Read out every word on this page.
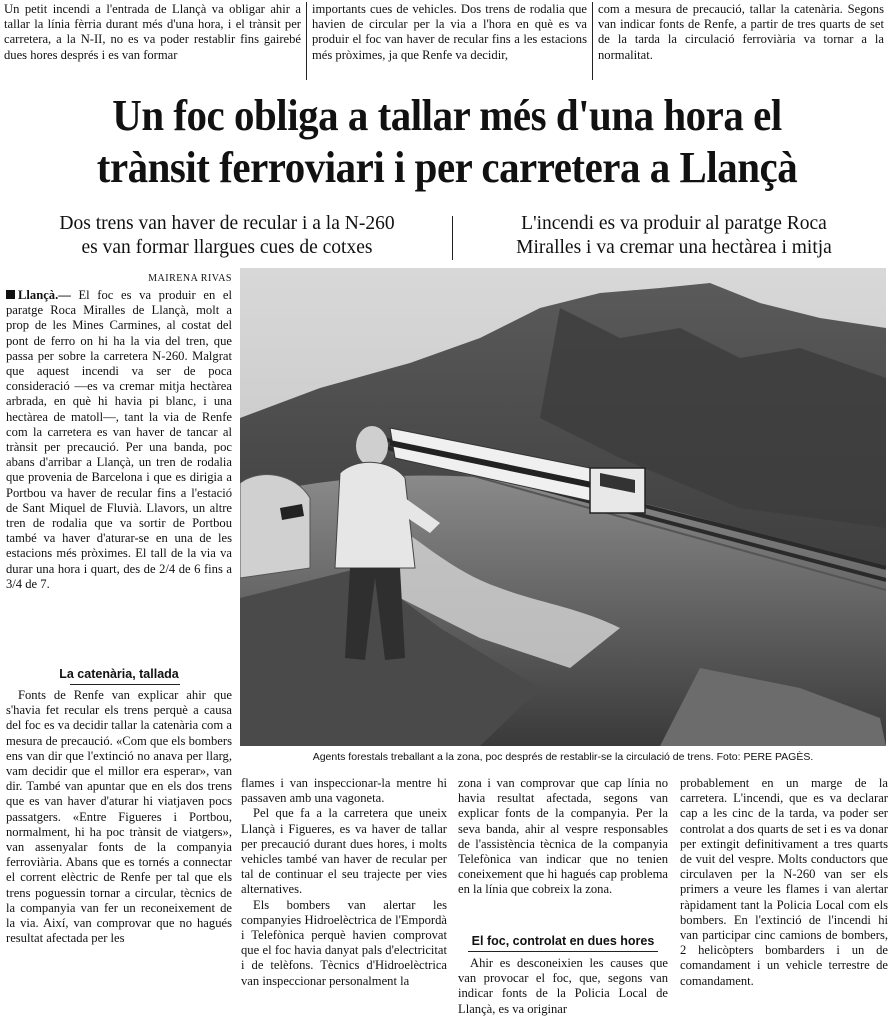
Un petit incendi a l'entrada de Llançà va obligar ahir a tallar la línia fèrria durant més d'una hora, i el trànsit per carretera, a la N-II, no es va poder restablir fins gairebé dues hores després i es van formar

importants cues de vehicles. Dos trens de rodalia que havien de circular per la via a l'hora en què es va produir el foc van haver de recular fins a les estacions més pròximes, ja que Renfe va decidir,

com a mesura de precaució, tallar la catenària. Segons van indicar fonts de Renfe, a partir de tres quarts de set de la tarda la circulació ferroviària va tornar a la normalitat.

Un foc obliga a tallar més d'una hora el
trànsit ferroviari i per carretera a Llançà
Dos trens van haver de recular i a la N-260
es van formar llargues cues de cotxes
L'incendi es va produir al paratge Roca
Miralles i va cremar una hectàrea i mitja
MAIRENA RIVAS

Llançà.— El foc es va produir en el paratge Roca Miralles de Llançà, molt a prop de les Mines Carmines, al costat del pont de ferro on hi ha la via del tren, que passa per sobre la carretera N-260. Malgrat que aquest incendi va ser de poca consideració —es va cremar mitja hectàrea arbrada, en què hi havia pi blanc, i una hectàrea de matoll—, tant la via de Renfe com la carretera es van haver de tancar al trànsit per precaució. Per una banda, poc abans d'arribar a Llançà, un tren de rodalia que provenia de Barcelona i que es dirigia a Portbou va haver de recular fins a l'estació de Sant Miquel de Fluvià. Llavors, un altre tren de rodalia que va sortir de Portbou també va haver d'aturar-se en una de les estacions més pròximes. El tall de la via va durar una hora i quart, des de 2/4 de 6 fins a 3/4 de 7.

La catenària, tallada

Fonts de Renfe van explicar ahir que s'havia fet recular els trens perquè a causa del foc es va decidir tallar la catenària com a mesura de precaució. «Com que els bombers ens van dir que l'extinció no anava per llarg, vam decidir que el millor era esperar», van dir. També van apuntar que en els dos trens que es van haver d'aturar hi viatjaven pocs passatgers. «Entre Figueres i Portbou, normalment, hi ha poc trànsit de viatgers», van assenyalar fonts de la companyia ferroviària. Abans que es tornés a connectar el corrent elèctric de Renfe per tal que els trens poguessin tornar a circular, tècnics de la companyia van fer un reconeixement de la via. Així, van comprovar que no hagués resultat afectada per les

Agents forestals treballant a la zona, poc després de restablir-se la circulació de trens. Foto: PERE PAGÈS.

flames i van inspeccionar-la mentre hi passaven amb una vagoneta.

Pel que fa a la carretera que uneix Llançà i Figueres, es va haver de tallar per precaució durant dues hores, i molts vehicles també van haver de recular per tal de continuar el seu trajecte per vies alternatives.

Els bombers van alertar les companyies Hidroelèctrica de l'Empordà i Telefònica perquè havien comprovat que el foc havia danyat pals d'electricitat i de telèfons. Tècnics d'Hidroelèctrica van inspeccionar personalment la

zona i van comprovar que cap línia no havia resultat afectada, segons van explicar fonts de la companyia. Per la seva banda, ahir al vespre responsables de l'assistència tècnica de la companyia Telefònica van indicar que no tenien coneixement que hi hagués cap problema en la línia que cobreix la zona.

El foc, controlat en dues hores

Ahir es desconeixien les causes que van provocar el foc, que, segons van indicar fonts de la Policia Local de Llançà, es va originar

probablement en un marge de la carretera. L'incendi, que es va declarar cap a les cinc de la tarda, va poder ser controlat a dos quarts de set i es va donar per extingit definitivament a tres quarts de vuit del vespre. Molts conductors que circulaven per la N-260 van ser els primers a veure les flames i van alertar ràpidament tant la Policia Local com els bombers. En l'extinció de l'incendi hi van participar cinc camions de bombers, 2 helicòpters bombarders i un de comandament i un vehicle terrestre de comandament.
